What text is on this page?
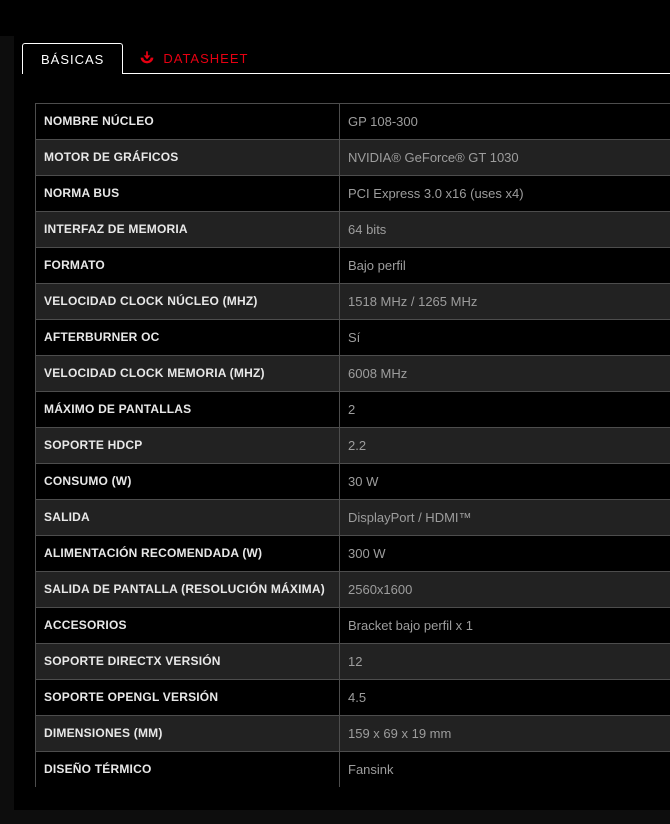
BÁSICAS	DATASHEET
NOMBRE NÚCLEO	GP 108-300
MOTOR DE GRÁFICOS	NVIDIA® GeForce® GT 1030
NORMA BUS	PCI Express 3.0 x16 (uses x4)
INTERFAZ DE MEMORIA	64 bits
FORMATO	Bajo perfil
VELOCIDAD CLOCK NÚCLEO (MHZ)	1518 MHz / 1265 MHz
AFTERBURNER OC	Sí
VELOCIDAD CLOCK MEMORIA (MHZ)	6008 MHz
MÁXIMO DE PANTALLAS	2
SOPORTE HDCP	2.2
CONSUMO (W)	30 W
SALIDA	DisplayPort / HDMI™
ALIMENTACIÓN RECOMENDADA (W)	300 W
SALIDA DE PANTALLA (RESOLUCIÓN MÁXIMA)	2560x1600
ACCESORIOS	Bracket bajo perfil x 1
SOPORTE DIRECTX VERSIÓN	12
SOPORTE OPENGL VERSIÓN	4.5
DIMENSIONES (MM)	159 x 69 x 19 mm
DISEÑO TÉRMICO	Fansink
